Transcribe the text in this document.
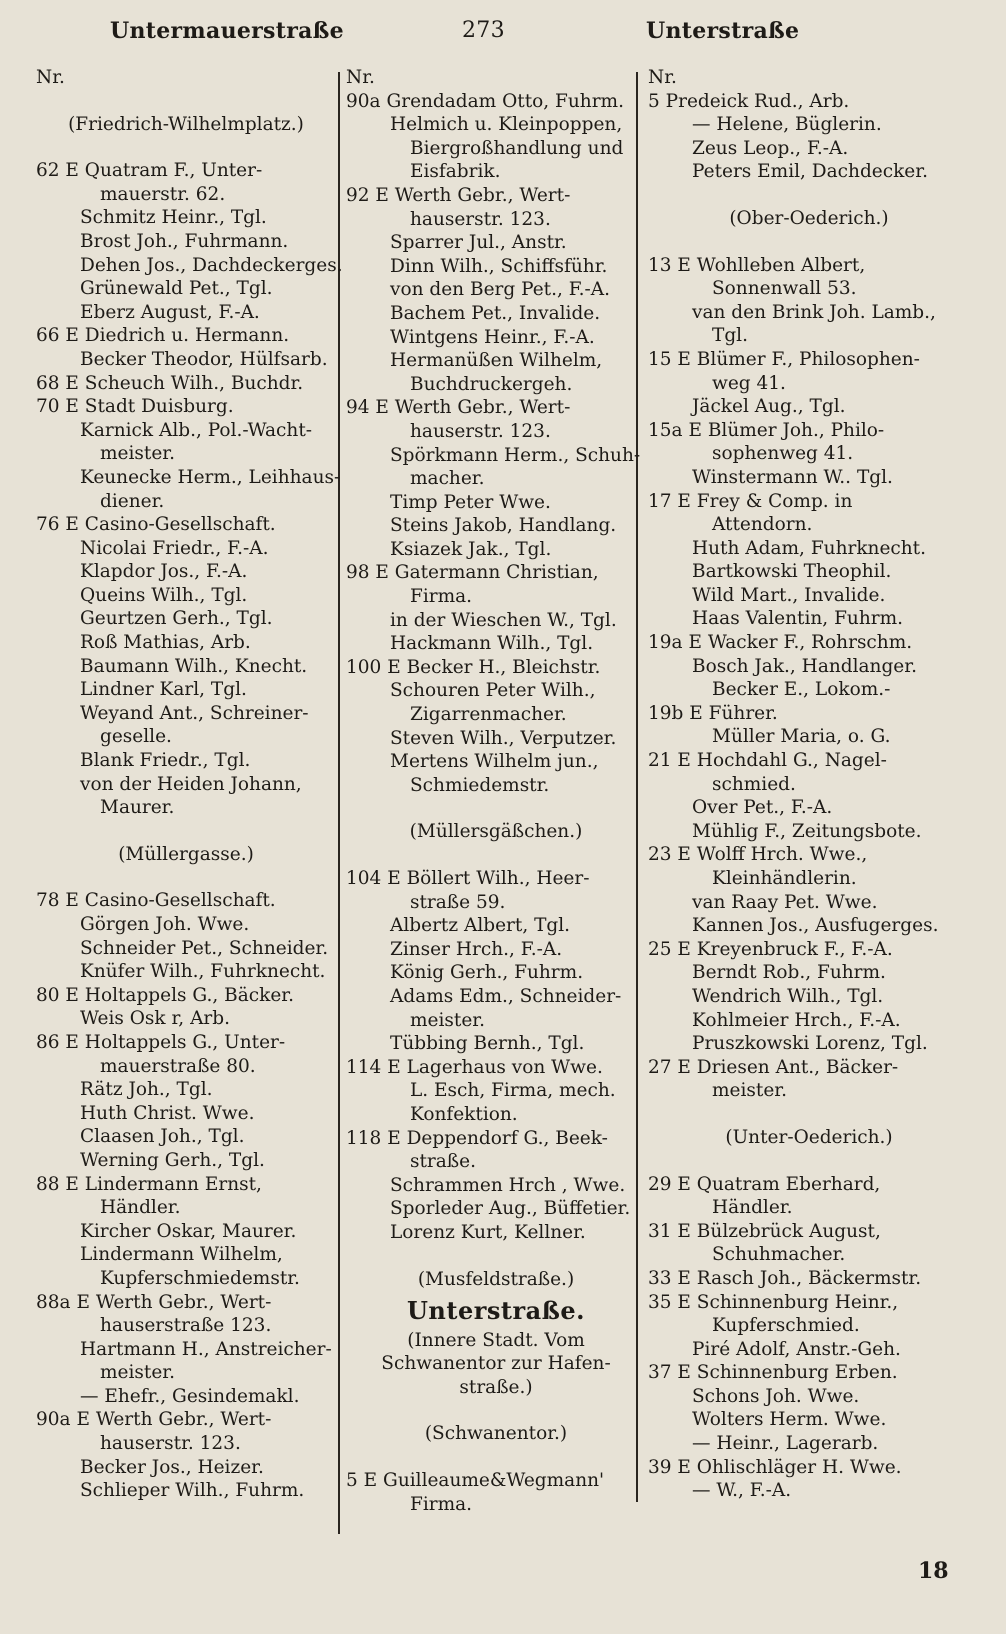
Untermauerstraße	273	Unterstraße
Nr.
(Friedrich-Wilhelmplatz.)
62 E Quatram F., Unter-
mauerstr. 62.
Schmitz Heinr., Tgl.
Brost Joh., Fuhrmann.
Dehen Jos., Dachdeckerges.
Grünewald Pet., Tgl.
Eberz August, F.-A.
66 E Diedrich u. Hermann.
Becker Theodor, Hülfsarb.
68 E Scheuch Wilh., Buchdr.
70 E Stadt Duisburg.
Karnick Alb., Pol.-Wacht-
meister.
Keunecke Herm., Leihhaus-
diener.
76 E Casino-Gesellschaft.
Nicolai Friedr., F.-A.
Klapdor Jos., F.-A.
Queins Wilh., Tgl.
Geurtzen Gerh., Tgl.
Roß Mathias, Arb.
Baumann Wilh., Knecht.
Lindner Karl, Tgl.
Weyand Ant., Schreiner-
geselle.
Blank Friedr., Tgl.
von der Heiden Johann,
Maurer.
(Müllergasse.)
78 E Casino-Gesellschaft.
Görgen Joh. Wwe.
Schneider Pet., Schneider.
Knüfer Wilh., Fuhrknecht.
80 E Holtappels G., Bäcker.
Weis Osk r, Arb.
86 E Holtappels G., Unter-
mauerstraße 80.
Rätz Joh., Tgl.
Huth Christ. Wwe.
Claasen Joh., Tgl.
Werning Gerh., Tgl.
88 E Lindermann Ernst,
Händler.
Kircher Oskar, Maurer.
Lindermann Wilhelm,
Kupferschmiedemstr.
88a E Werth Gebr., Wert-
hauserstraße 123.
Hartmann H., Anstreicher-
meister.
— Ehefr., Gesindemakl.
90a E Werth Gebr., Wert-
hauserstr. 123.
Becker Jos., Heizer.
Schlieper Wilh., Fuhrm.
Nr.
90a Grendadam Otto, Fuhrm.
Helmich u. Kleinpoppen,
Biergroßhandlung und
Eisfabrik.
92 E Werth Gebr., Wert-
hauserstr. 123.
Sparrer Jul., Anstr.
Dinn Wilh., Schiffsführ.
von den Berg Pet., F.-A.
Bachem Pet., Invalide.
Wintgens Heinr., F.-A.
Hermanüßen Wilhelm,
Buchdruckergeh.
94 E Werth Gebr., Wert-
hauserstr. 123.
Spörkmann Herm., Schuh-
macher.
Timp Peter Wwe.
Steins Jakob, Handlang.
Ksiazek Jak., Tgl.
98 E Gatermann Christian,
Firma.
in der Wieschen W., Tgl.
Hackmann Wilh., Tgl.
100 E Becker H., Bleichstr.
Schouren Peter Wilh.,
Zigarrenmacher.
Steven Wilh., Verputzer.
Mertens Wilhelm jun.,
Schmiedemstr.
(Müllersgäßchen.)
104 E Böllert Wilh., Heer-
straße 59.
Albertz Albert, Tgl.
Zinser Hrch., F.-A.
König Gerh., Fuhrm.
Adams Edm., Schneider-
meister.
Tübbing Bernh., Tgl.
114 E Lagerhaus von Wwe.
L. Esch, Firma, mech.
Konfektion.
118 E Deppendorf G., Beek-
straße.
Schrammen Hrch , Wwe.
Sporleder Aug., Büffetier.
Lorenz Kurt, Kellner.
(Musfeldstraße.)
Unterstraße.
(Innere Stadt. Vom
Schwanentor zur Hafen-
straße.)
(Schwanentor.)
5 E Guilleaume&Wegmann'
Firma.
Nr.
5 Predeick Rud., Arb.
— Helene, Büglerin.
Zeus Leop., F.-A.
Peters Emil, Dachdecker.
(Ober-Oederich.)
13 E Wohlleben Albert,
Sonnenwall 53.
van den Brink Joh. Lamb.,
Tgl.
15 E Blümer F., Philosophen-
weg 41.
Jäckel Aug., Tgl.
15a E Blümer Joh., Philo-
sophenweg 41.
Winstermann W.. Tgl.
17 E Frey & Comp. in
Attendorn.
Huth Adam, Fuhrknecht.
Bartkowski Theophil.
Wild Mart., Invalide.
Haas Valentin, Fuhrm.
19a E Wacker F., Rohrschm.
Bosch Jak., Handlanger.
Becker E., Lokom.-
19b E Führer.
Müller Maria, o. G.
21 E Hochdahl G., Nagel-
schmied.
Over Pet., F.-A.
Mühlig F., Zeitungsbote.
23 E Wolff Hrch. Wwe.,
Kleinhändlerin.
van Raay Pet. Wwe.
Kannen Jos., Ausfugerges.
25 E Kreyenbruck F., F.-A.
Berndt Rob., Fuhrm.
Wendrich Wilh., Tgl.
Kohlmeier Hrch., F.-A.
Pruszkowski Lorenz, Tgl.
27 E Driesen Ant., Bäcker-
meister.
(Unter-Oederich.)
29 E Quatram Eberhard,
Händler.
31 E Bülzebrück August,
Schuhmacher.
33 E Rasch Joh., Bäckermstr.
35 E Schinnenburg Heinr.,
Kupferschmied.
Piré Adolf, Anstr.-Geh.
37 E Schinnenburg Erben.
Schons Joh. Wwe.
Wolters Herm. Wwe.
— Heinr., Lagerarb.
39 E Ohlischläger H. Wwe.
— W., F.-A.
18
